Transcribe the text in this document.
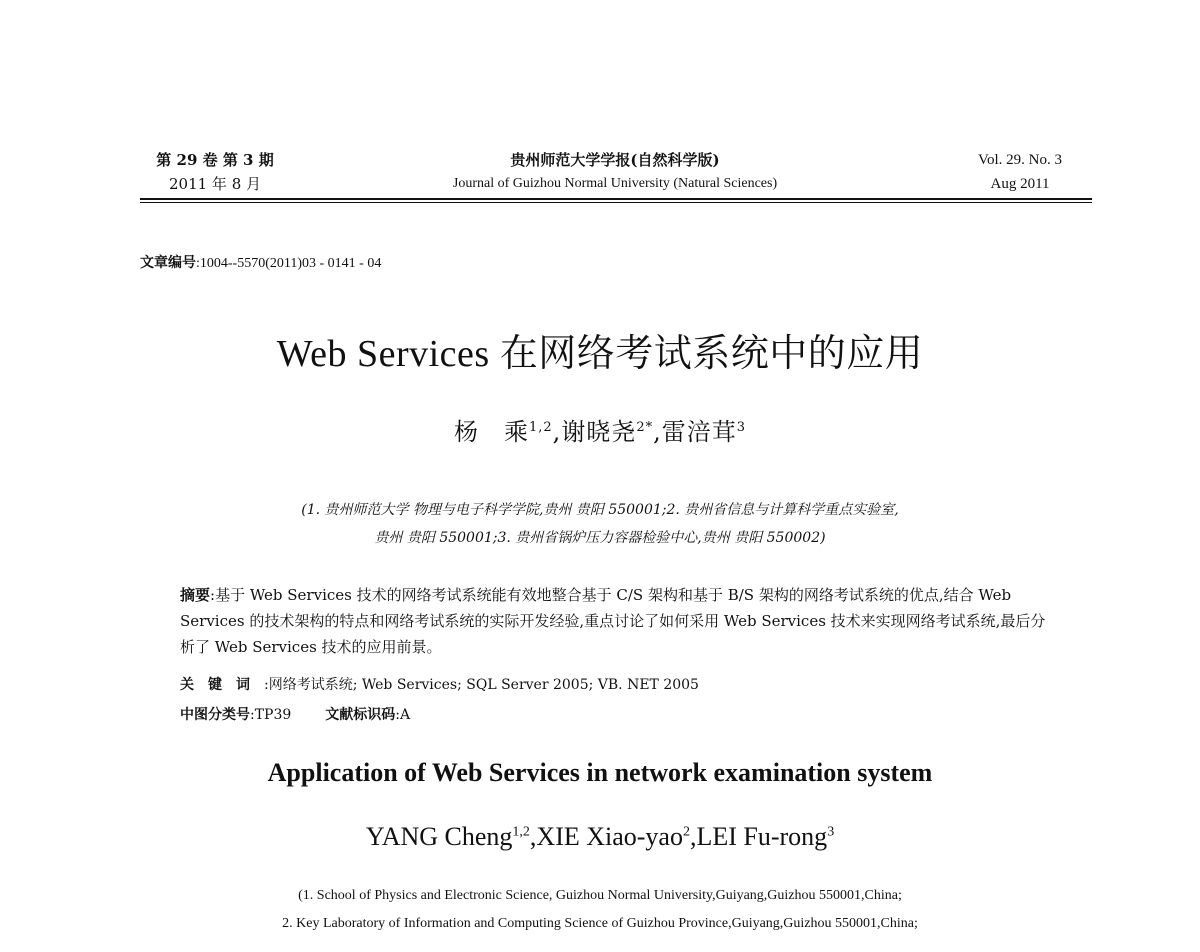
第 29 卷 第 3 期
2011 年 8 月
贵州师范大学学报(自然科学版)
Journal of Guizhou Normal University (Natural Sciences)
Vol. 29. No. 3
Aug 2011
文章编号:1004--5570(2011)03 - 0141 - 04
Web Services 在网络考试系统中的应用
杨　乘$^{1,2}$,谢晓尧$^{2*}$,雷涪茸$^3$
(1. 贵州师范大学 物理与电子科学学院,贵州 贵阳 550001;2. 贵州省信息与计算科学重点实验室,
贵州 贵阳 550001;3. 贵州省锅炉压力容器检验中心,贵州 贵阳 550002)
摘要:基于 Web Services 技术的网络考试系统能有效地整合基于 C/S 架构和基于 B/S 架构的网络考试系统的优点,结合 Web Services 的技术架构的特点和网络考试系统的实际开发经验,重点讨论了如何采用 Web Services 技术来实现网络考试系统,最后分析了 Web Services 技术的应用前景。
关键词:网络考试系统; Web Services; SQL Server 2005; VB. NET 2005
中图分类号:TP39 文献标识码:A
Application of Web Services in network examination system
YANG Cheng$^{1,2}$,XIE Xiao-yao$^2$,LEI Fu-rong$^3$
(1. School of Physics and Electronic Science, Guizhou Normal University,Guiyang,Guizhou 550001,China;
2. Key Laboratory of Information and Computing Science of Guizhou Province,Guiyang,Guizhou 550001,China;
